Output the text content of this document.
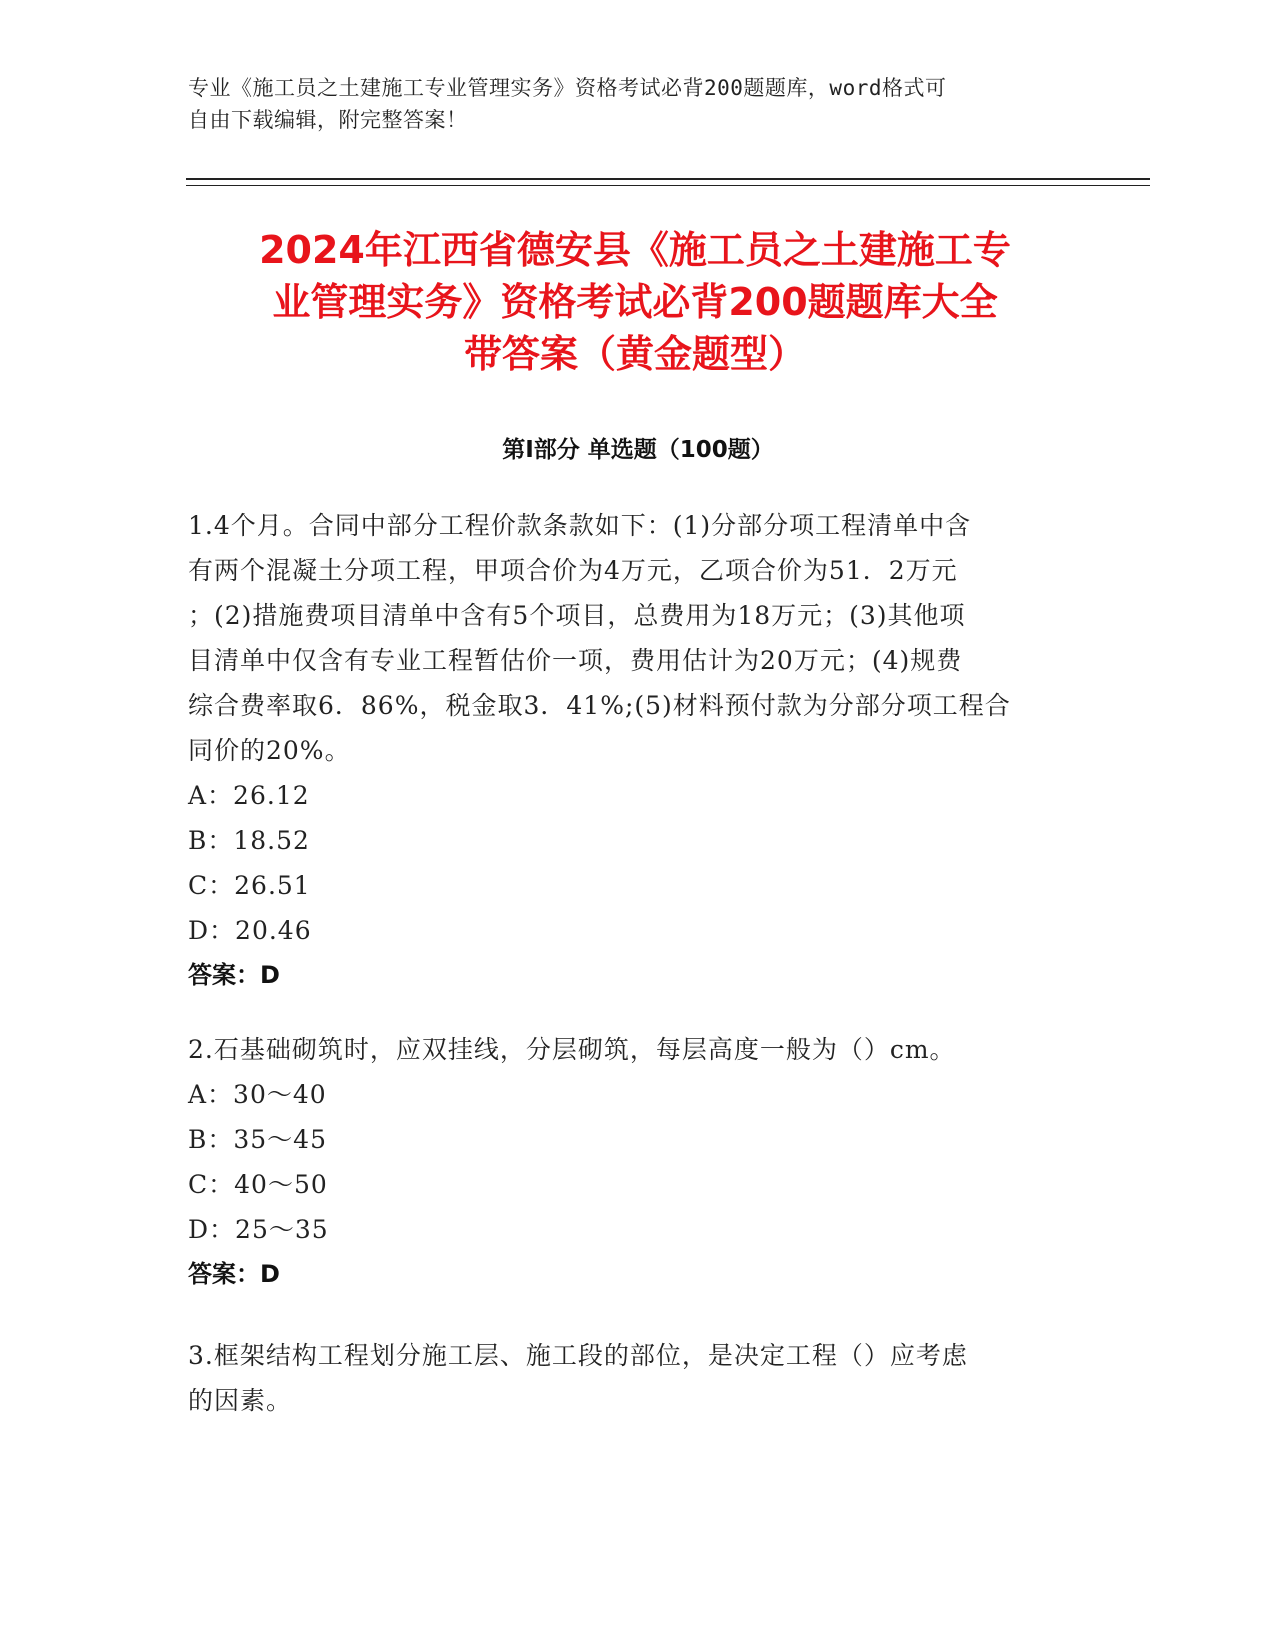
专业《施工员之土建施工专业管理实务》资格考试必背200题题库，word格式可
自由下载编辑，附完整答案！
2024年江西省德安县《施工员之土建施工专
业管理实务》资格考试必背200题题库大全
带答案（黄金题型）
第Ⅰ部分 单选题（100题）
1.4个月。合同中部分工程价款条款如下：(1)分部分项工程清单中含
有两个混凝土分项工程，甲项合价为4万元，乙项合价为51．2万元
；(2)措施费项目清单中含有5个项目，总费用为18万元；(3)其他项
目清单中仅含有专业工程暂估价一项，费用估计为20万元；(4)规费
综合费率取6．86%，税金取3．41%;(5)材料预付款为分部分项工程合
同价的20%。
A：26.12
B：18.52
C：26.51
D：20.46
答案：D
2.石基础砌筑时，应双挂线，分层砌筑，每层高度一般为（）cm。
A：30～40
B：35～45
C：40～50
D：25～35
答案：D
3.框架结构工程划分施工层、施工段的部位，是决定工程（）应考虑
的因素。
